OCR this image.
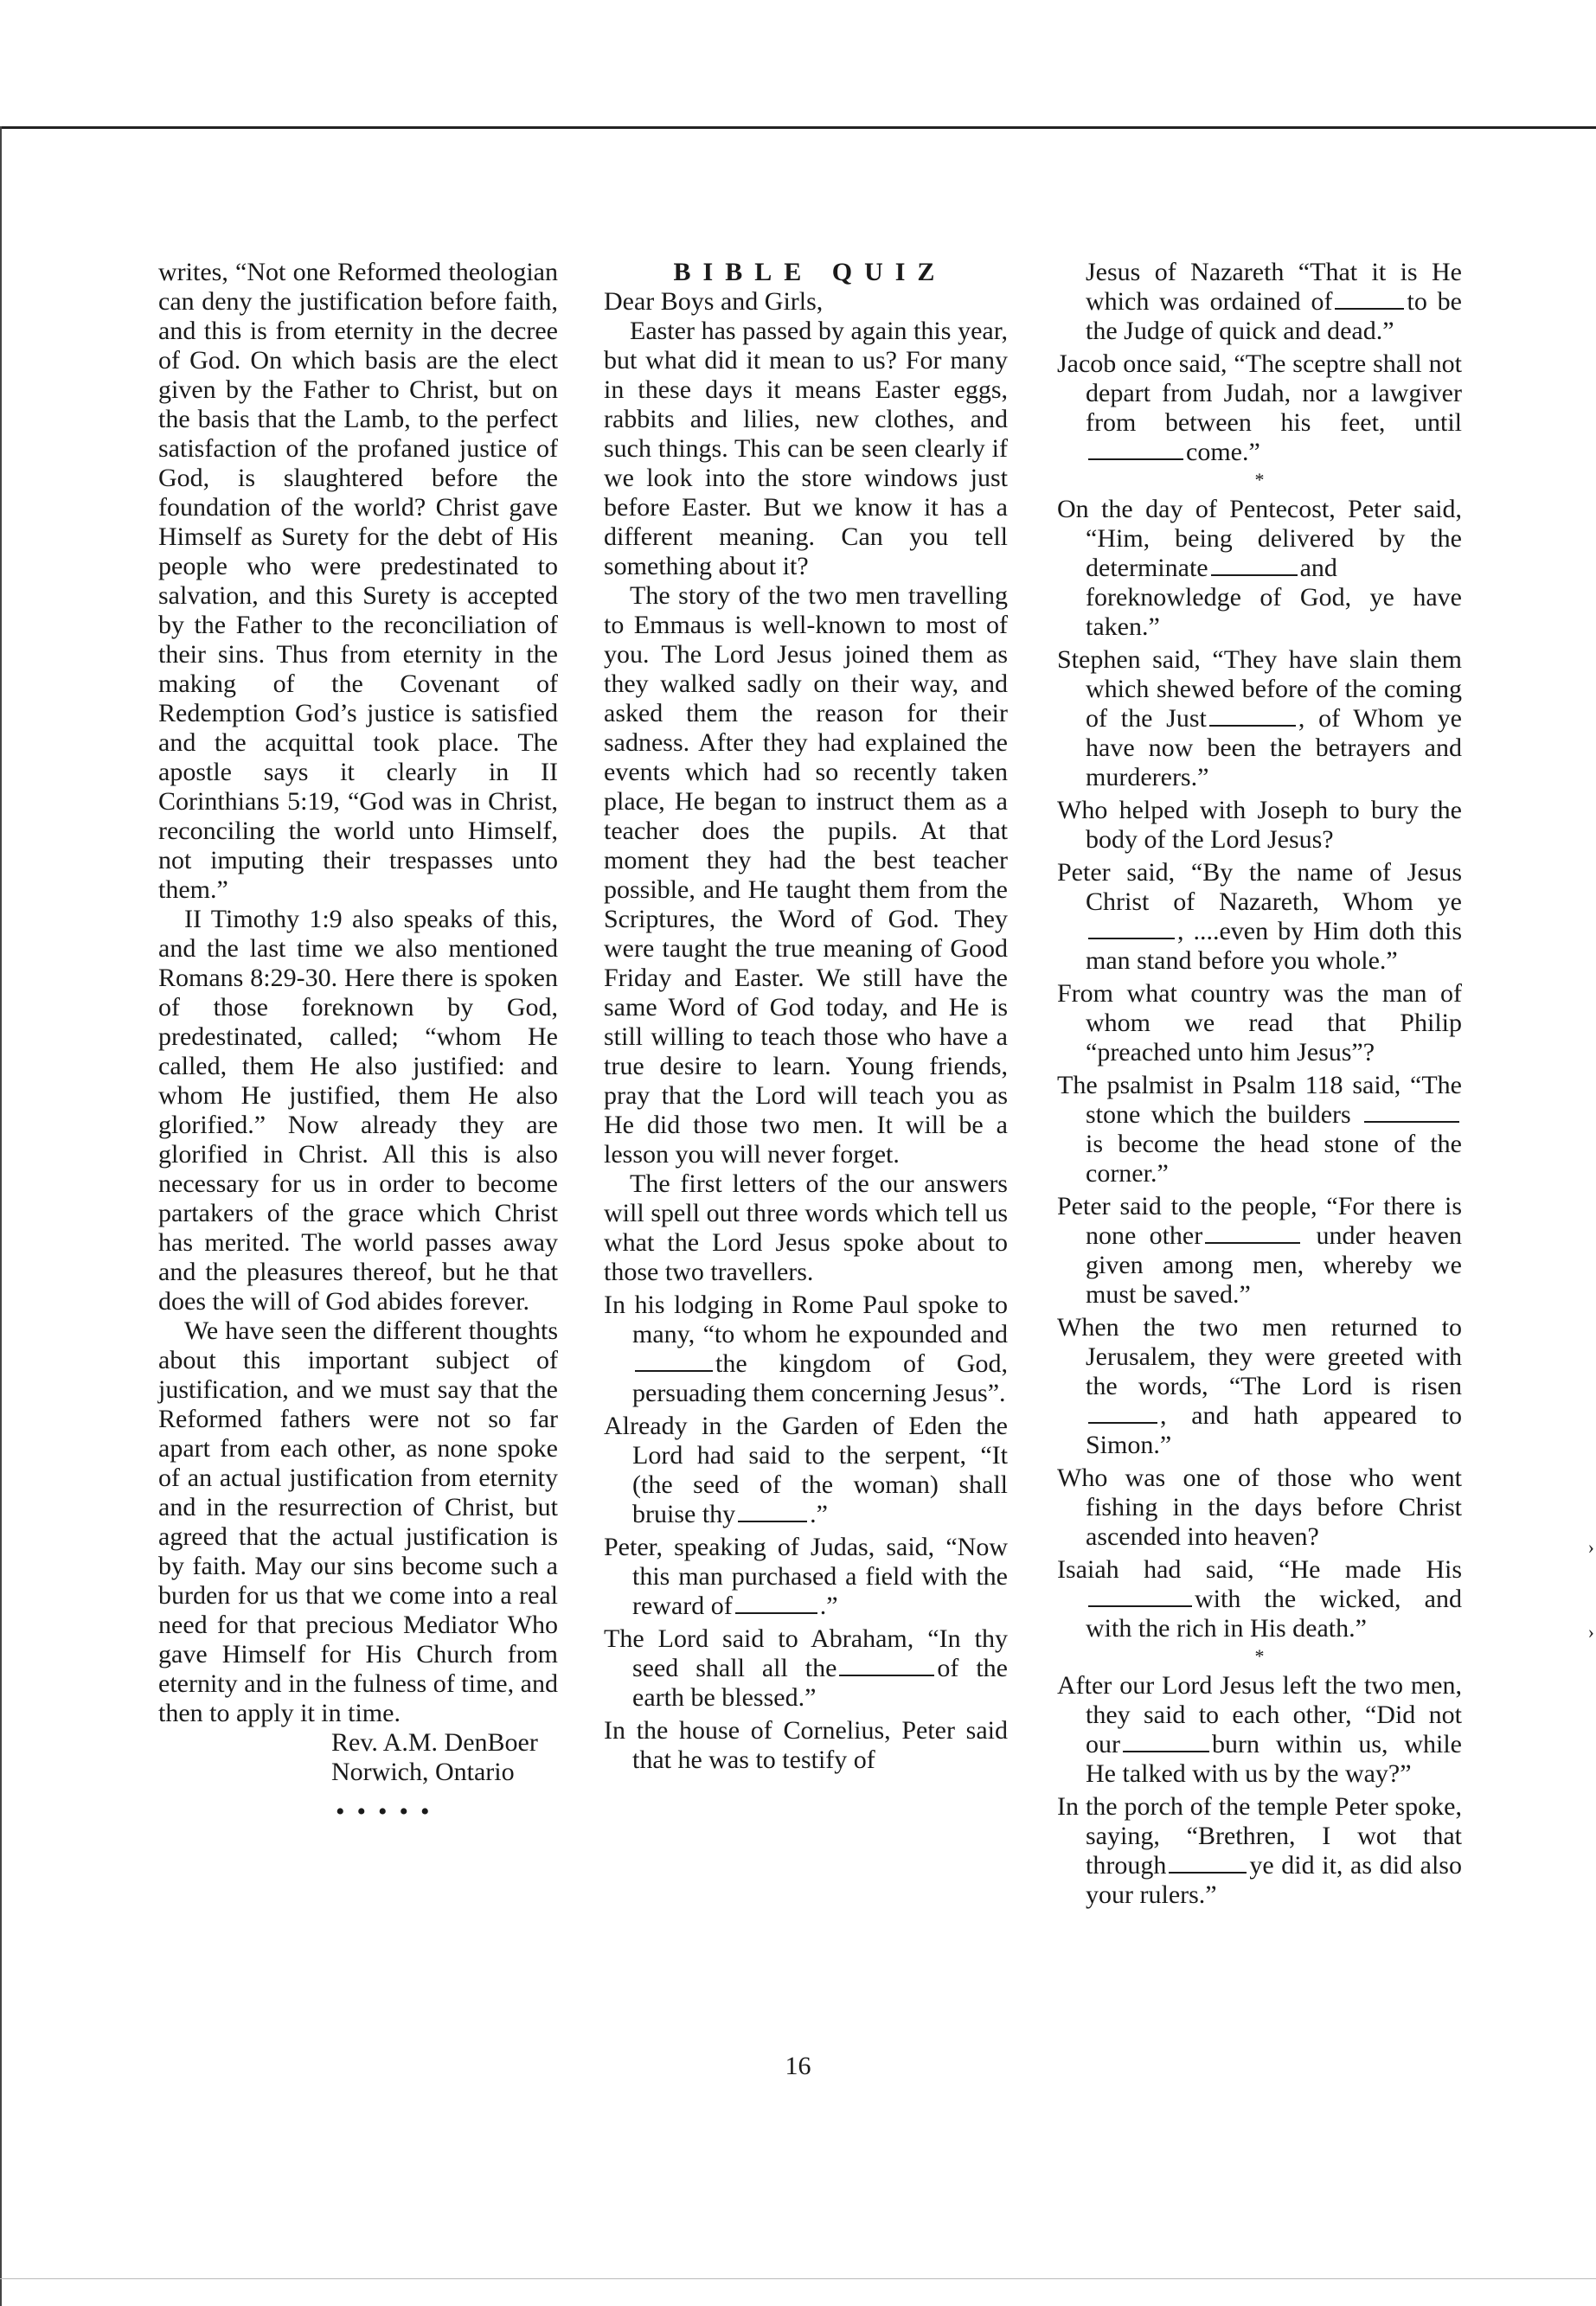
›
›

writes, “Not one Reformed theologian can deny the justification before faith, and this is from eternity in the decree of God. On which basis are the elect given by the Father to Christ, but on the basis that the Lamb, to the perfect satisfaction of the profaned justice of God, is slaughtered before the foundation of the world? Christ gave Himself as Surety for the debt of His people who were predestinated to salvation, and this Surety is accepted by the Father to the reconciliation of their sins. Thus from eternity in the making of the Covenant of Redemption God’s justice is satisfied and the acquittal took place. The apostle says it clearly in II Corinthians 5:19, “God was in Christ, reconciling the world unto Himself, not imputing their trespasses unto them.”

II Timothy 1:9 also speaks of this, and the last time we also mentioned Romans 8:29-30. Here there is spoken of those foreknown by God, predestinated, called; “whom He called, them He also justified: and whom He justified, them He also glorified.” Now already they are glorified in Christ. All this is also necessary for us in order to become partakers of the grace which Christ has merited. The world passes away and the pleasures thereof, but he that does the will of God abides forever.

We have seen the different thoughts about this important subject of justification, and we must say that the Reformed fathers were not so far apart from each other, as none spoke of an actual justification from eternity and in the resurrection of Christ, but agreed that the actual justification is by faith. May our sins become such a burden for us that we come into a real need for that precious Mediator Who gave Himself for His Church from eternity and in the fulness of time, and then to apply it in time.

Rev. A.M. DenBoer

Norwich, Ontario

•••••

BIBLE QUIZ

Dear Boys and Girls,

Easter has passed by again this year, but what did it mean to us? For many in these days it means Easter eggs, rabbits and lilies, new clothes, and such things. This can be seen clearly if we look into the store windows just before Easter. But we know it has a different meaning. Can you tell something about it?

The story of the two men travelling to Emmaus is well-known to most of you. The Lord Jesus joined them as they walked sadly on their way, and asked them the reason for their sadness. After they had explained the events which had so recently taken place, He began to instruct them as a teacher does the pupils. At that moment they had the best teacher possible, and He taught them from the Scriptures, the Word of God. They were taught the true meaning of Good Friday and Easter. We still have the same Word of God today, and He is still willing to teach those who have a true desire to learn. Young friends, pray that the Lord will teach you as He did those two men. It will be a lesson you will never forget.

The first letters of the our answers will spell out three words which tell us what the Lord Jesus spoke about to those two travellers.

In his lodging in Rome Paul spoke to many, “to whom he expounded andthe kingdom of God, persuading them concerning Jesus”.

Already in the Garden of Eden the Lord had said to the serpent, “It (the seed of the woman) shall bruise thy	.”

Peter, speaking of Judas, said, “Now this man purchased a field with the reward of	.”

The Lord said to Abraham, “In thy seed shall all the	of the earth be blessed.”

In the house of Cornelius, Peter said that he was to testify of

Jesus of Nazareth “That it is He which was ordained of	to be the Judge of quick and dead.”

Jacob once said, “The sceptre shall not depart from Judah, nor a lawgiver from between his feet, untilcome.”

*

On the day of Pentecost, Peter said, “Him, being delivered by the determinate	and foreknowledge of God, ye have taken.”

Stephen said, “They have slain them which shewed before of the coming of the Just	, of Whom ye have now been the betrayers and murderers.”

Who helped with Joseph to bury the body of the Lord Jesus?

Peter said, “By the name of Jesus Christ of Nazareth, Whom ye , ....even by Him doth this man stand before you whole.”

From what country was the man of whom we read that Philip “preached unto him Jesus”?

The psalmist in Psalm 118 said, “The stone which the builders is become the head stone of the corner.”

Peter said to the people, “For there is none other	under heaven given among men, whereby we must be saved.”

When the two men returned to Jerusalem, they were greeted with the words, “The Lord is risen, and hath appeared to Simon.”

Who was one of those who went fishing in the days before Christ ascended into heaven?

Isaiah had said, “He made His with the wicked, and with the rich in His death.”

*

After our Lord Jesus left the two men, they said to each other, “Did not our	burn within us, while He talked with us by the way?”

In the porch of the temple Peter spoke, saying, “Brethren, I wot that through	ye did it, as did also your rulers.”

16
